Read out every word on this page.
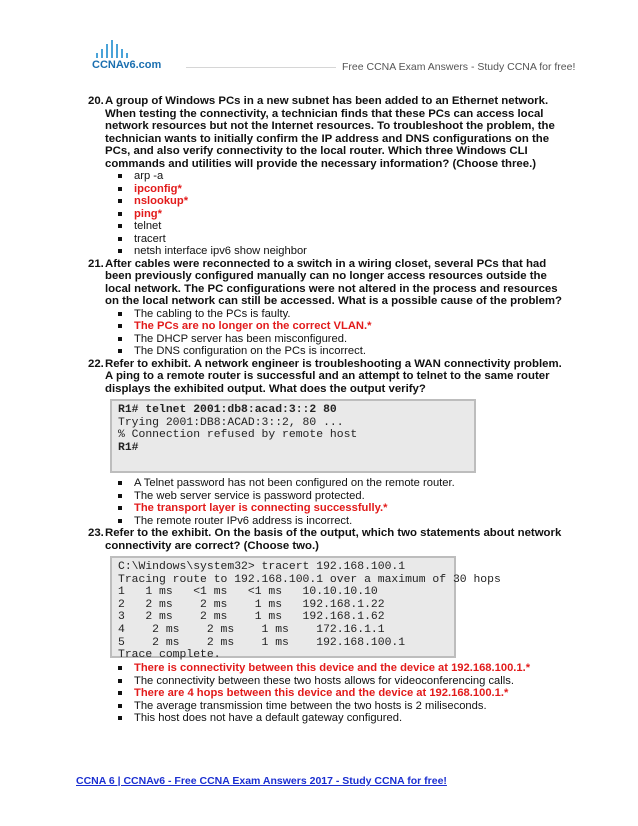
CCNAv6.com	Free CCNA Exam Answers - Study CCNA for free!
20. A group of Windows PCs in a new subnet has been added to an Ethernet network. When testing the connectivity, a technician finds that these PCs can access local network resources but not the Internet resources. To troubleshoot the problem, the technician wants to initially confirm the IP address and DNS configurations on the PCs, and also verify connectivity to the local router. Which three Windows CLI commands and utilities will provide the necessary information? (Choose three.)
arp -a
ipconfig*
nslookup*
ping*
telnet
tracert
netsh interface ipv6 show neighbor
21. After cables were reconnected to a switch in a wiring closet, several PCs that had been previously configured manually can no longer access resources outside the local network. The PC configurations were not altered in the process and resources on the local network can still be accessed. What is a possible cause of the problem?
The cabling to the PCs is faulty.
The PCs are no longer on the correct VLAN.*
The DHCP server has been misconfigured.
The DNS configuration on the PCs is incorrect.
22. Refer to exhibit. A network engineer is troubleshooting a WAN connectivity problem. A ping to a remote router is successful and an attempt to telnet to the same router displays the exhibited output. What does the output verify?
R1# telnet 2001:db8:acad:3::2 80
Trying 2001:DB8:ACAD:3::2, 80 ...
% Connection refused by remote host
R1#
A Telnet password has not been configured on the remote router.
The web server service is password protected.
The transport layer is connecting successfully.*
The remote router IPv6 address is incorrect.
23. Refer to the exhibit. On the basis of the output, which two statements about network connectivity are correct? (Choose two.)
C:\Windows\system32> tracert 192.168.100.1
Tracing route to 192.168.100.1 over a maximum of 30 hops
1   1 ms   <1 ms   <1 ms   10.10.10.10
2   2 ms    2 ms    1 ms   192.168.1.22
3   2 ms    2 ms    1 ms   192.168.1.62
4    2 ms    2 ms    1 ms    172.16.1.1
5    2 ms    2 ms    1 ms    192.168.100.1
Trace complete.
There is connectivity between this device and the device at 192.168.100.1.*
The connectivity between these two hosts allows for videoconferencing calls.
There are 4 hops between this device and the device at 192.168.100.1.*
The average transmission time between the two hosts is 2 miliseconds.
This host does not have a default gateway configured.
CCNA 6 | CCNAv6 - Free CCNA Exam Answers 2017 - Study CCNA for free!
